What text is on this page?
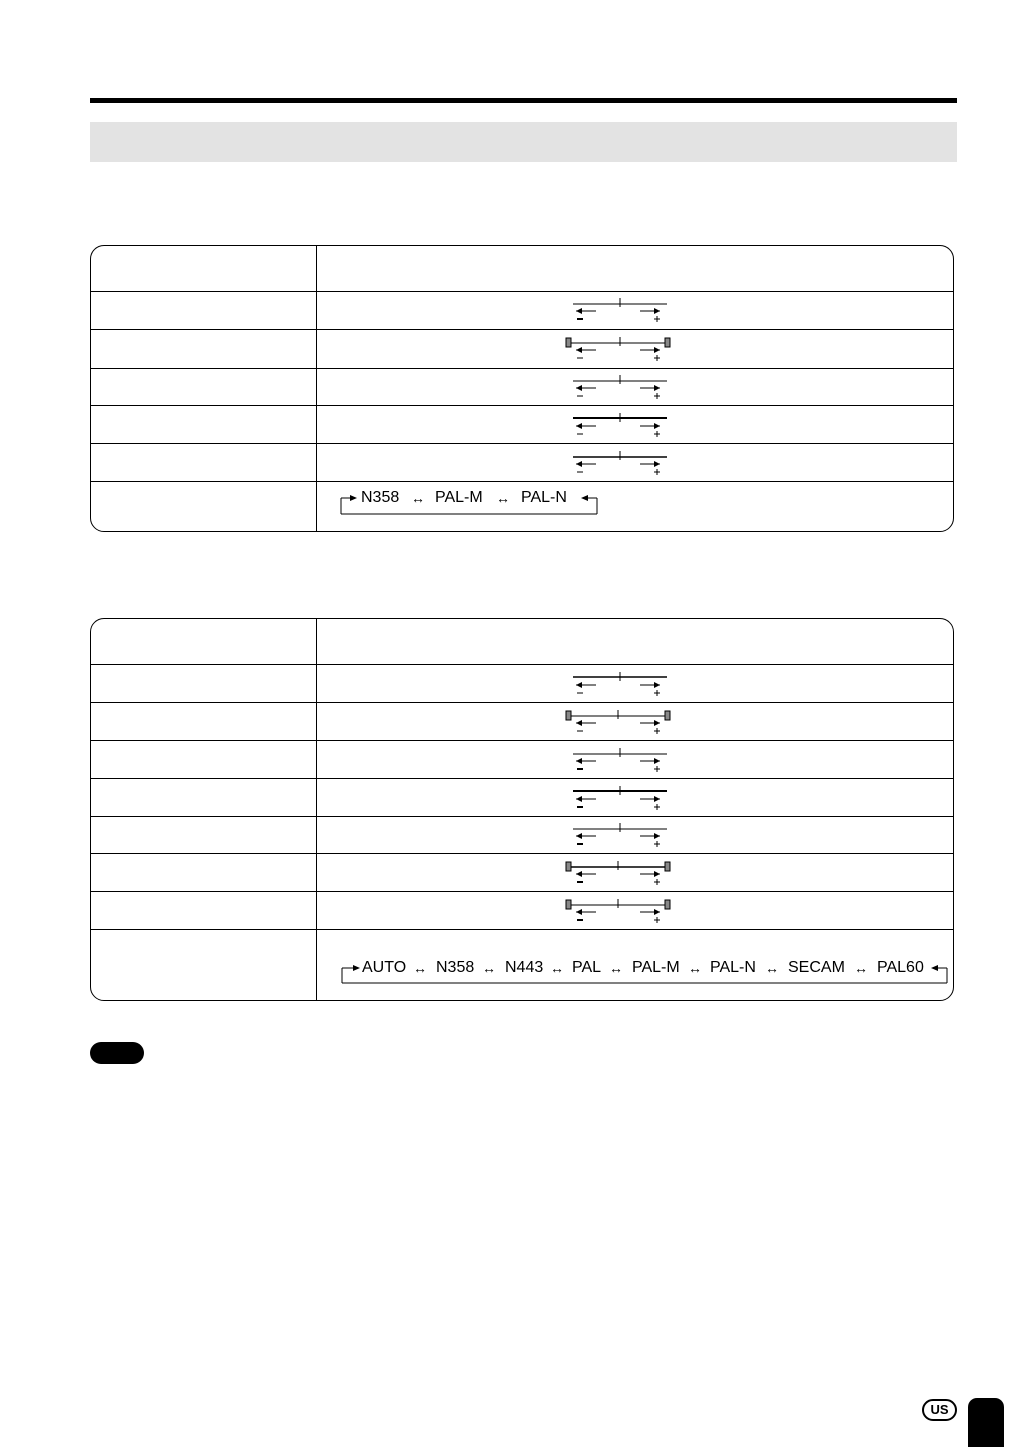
N358 ↔ PAL-M ↔ PAL-N
AUTO ↔ N358 ↔ N443 ↔ PAL ↔ PAL-M ↔ PAL-N ↔ SECAM ↔ PAL60
US
